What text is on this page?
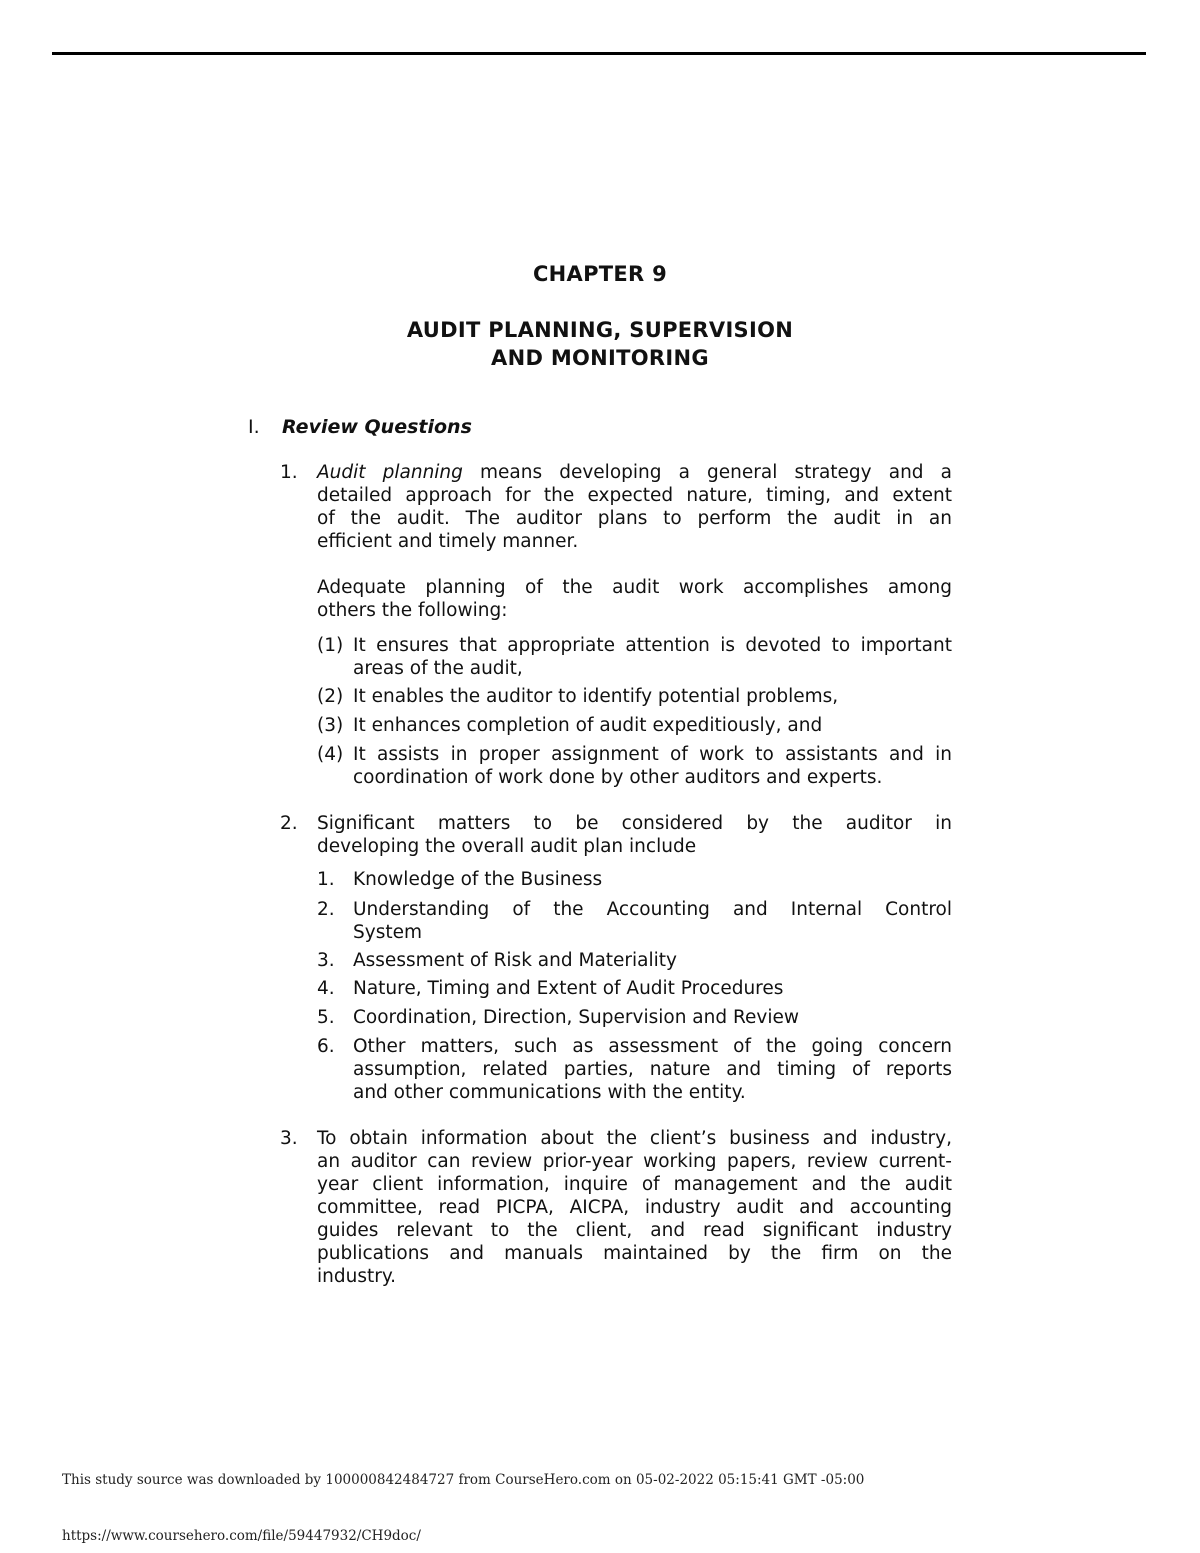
CHAPTER 9
AUDIT PLANNING, SUPERVISION
AND MONITORING
I. Review Questions
1.	Audit planning means developing a general strategy and a
detailed approach for the expected nature, timing, and extent
of the audit. The auditor plans to perform the audit in an
efficient and timely manner.
Adequate planning of the audit work accomplishes among
others the following:
(1) It ensures that appropriate attention is devoted to important
areas of the audit,
(2) It enables the auditor to identify potential problems,
(3) It enhances completion of audit expeditiously, and
(4) It assists in proper assignment of work to assistants and in
coordination of work done by other auditors and experts.
2.	Significant matters to be considered by the auditor in
developing the overall audit plan include
1. Knowledge of the Business
2. Understanding of the Accounting and Internal Control
System
3. Assessment of Risk and Materiality
4. Nature, Timing and Extent of Audit Procedures
5. Coordination, Direction, Supervision and Review
6. Other matters, such as assessment of the going concern
assumption, related parties, nature and timing of reports
and other communications with the entity.
3.	To obtain information about the client’s business and industry,
an auditor can review prior-year working papers, review current-
year client information, inquire of management and the audit
committee, read PICPA, AICPA, industry audit and accounting
guides relevant to the client, and read significant industry
publications and manuals maintained by the firm on the
industry.
This study source was downloaded by 100000842484727 from CourseHero.com on 05-02-2022 05:15:41 GMT -05:00
https://www.coursehero.com/file/59447932/CH9doc/
